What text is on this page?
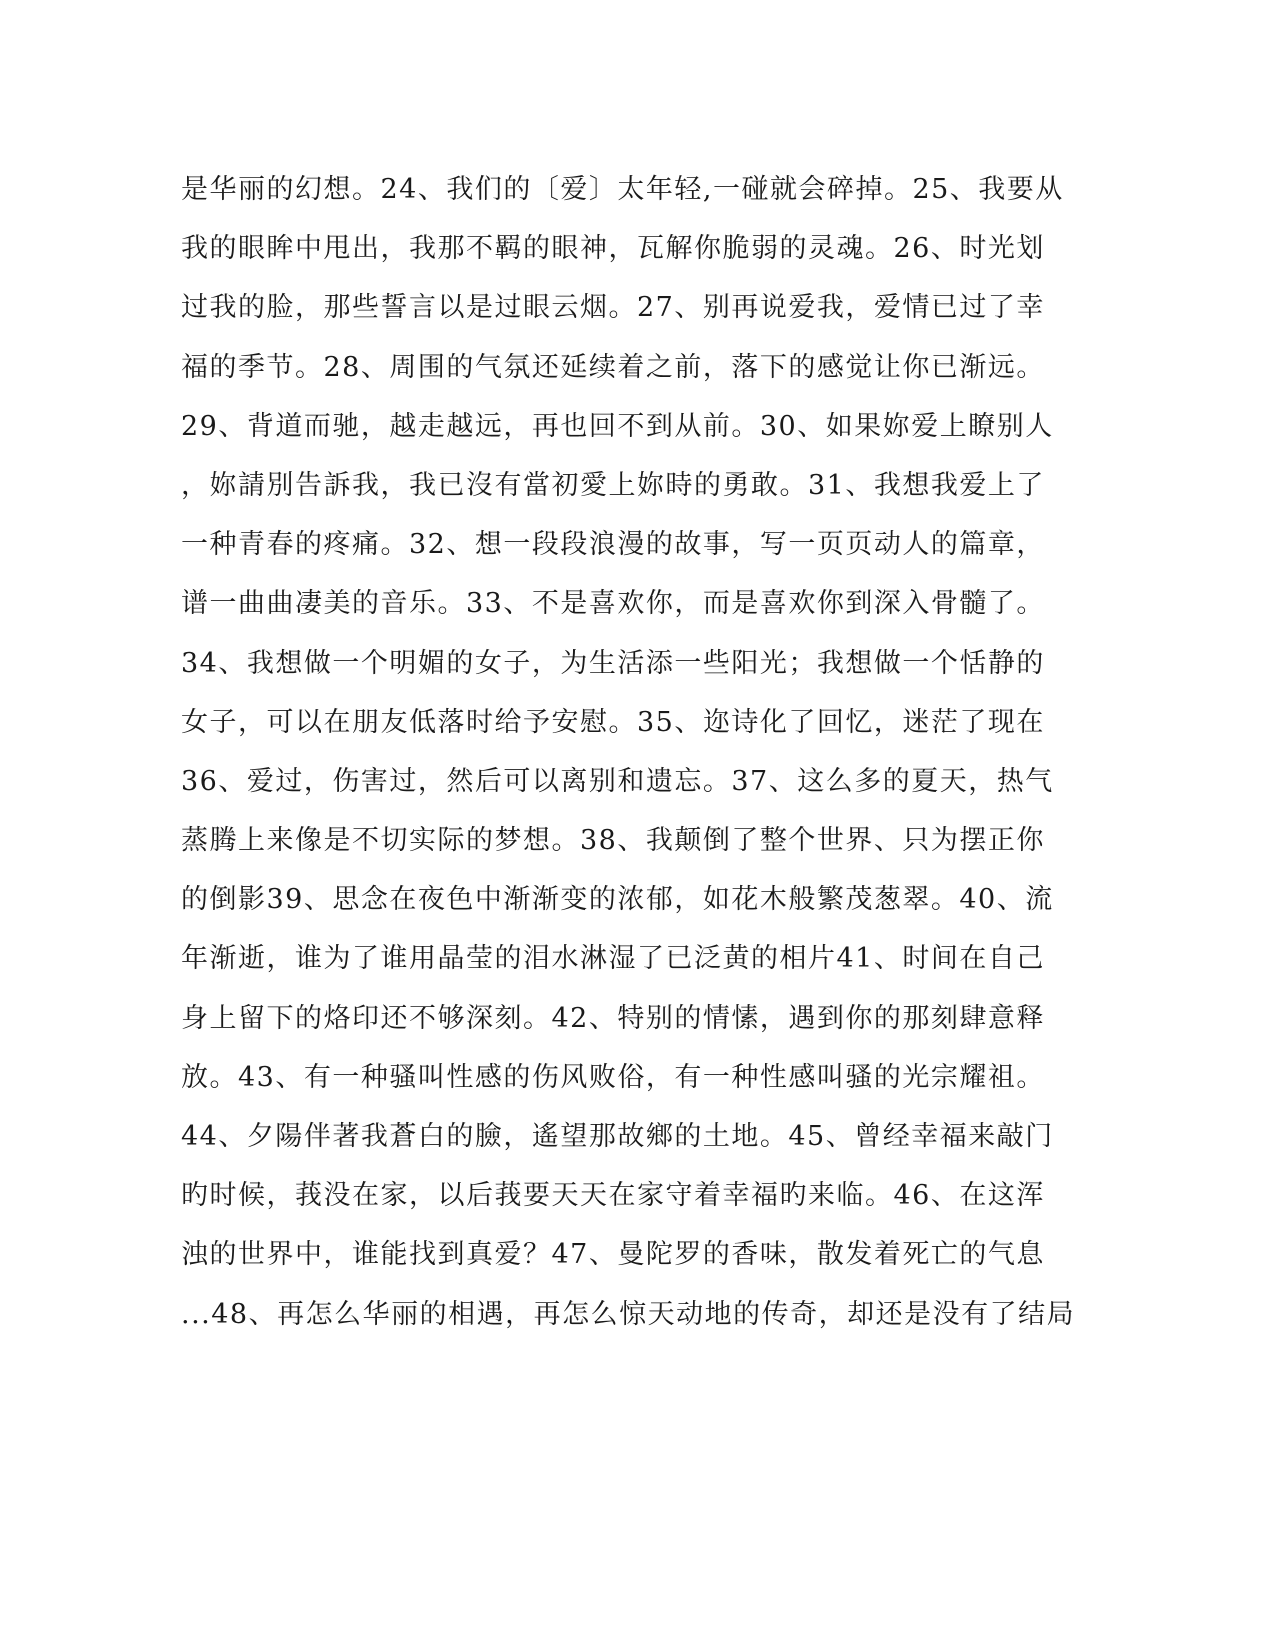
是华丽的幻想。24、我们的〔爱〕太年轻,一碰就会碎掉。25、我要从
我的眼眸中甩出，我那不羁的眼神，瓦解你脆弱的灵魂。26、时光划
过我的脸，那些誓言以是过眼云烟。27、别再说爱我，爱情已过了幸
福的季节。28、周围的气氛还延续着之前，落下的感觉让你已渐远。
29、背道而驰，越走越远，再也回不到从前。30、如果妳爱上瞭别人
，妳請別告訴我，我已沒有當初愛上妳時的勇敢。31、我想我爱上了
一种青春的疼痛。32、想一段段浪漫的故事，写一页页动人的篇章，
谱一曲曲凄美的音乐。33、不是喜欢你，而是喜欢你到深入骨髓了。
34、我想做一个明媚的女子，为生活添一些阳光；我想做一个恬静的
女子，可以在朋友低落时给予安慰。35、迩诗化了回忆，迷茫了现在
36、爱过，伤害过，然后可以离别和遗忘。37、这么多的夏天，热气
蒸腾上来像是不切实际的梦想。38、我颠倒了整个世界、只为摆正你
的倒影39、思念在夜色中渐渐变的浓郁，如花木般繁茂葱翠。40、流
年渐逝，谁为了谁用晶莹的泪水淋湿了已泛黄的相片41、时间在自己
身上留下的烙印还不够深刻。42、特别的情愫，遇到你的那刻肆意释
放。43、有一种骚叫性感的伤风败俗，有一种性感叫骚的光宗耀祖。
44、夕陽伴著我蒼白的臉，遙望那故鄉的土地。45、曾经幸福来敲门
旳时候，莪没在家，以后莪要天天在家守着幸福旳来临。46、在这浑
浊的世界中，谁能找到真爱？47、曼陀罗的香味，散发着死亡的气息
...48、再怎么华丽的相遇，再怎么惊天动地的传奇，却还是没有了结局
